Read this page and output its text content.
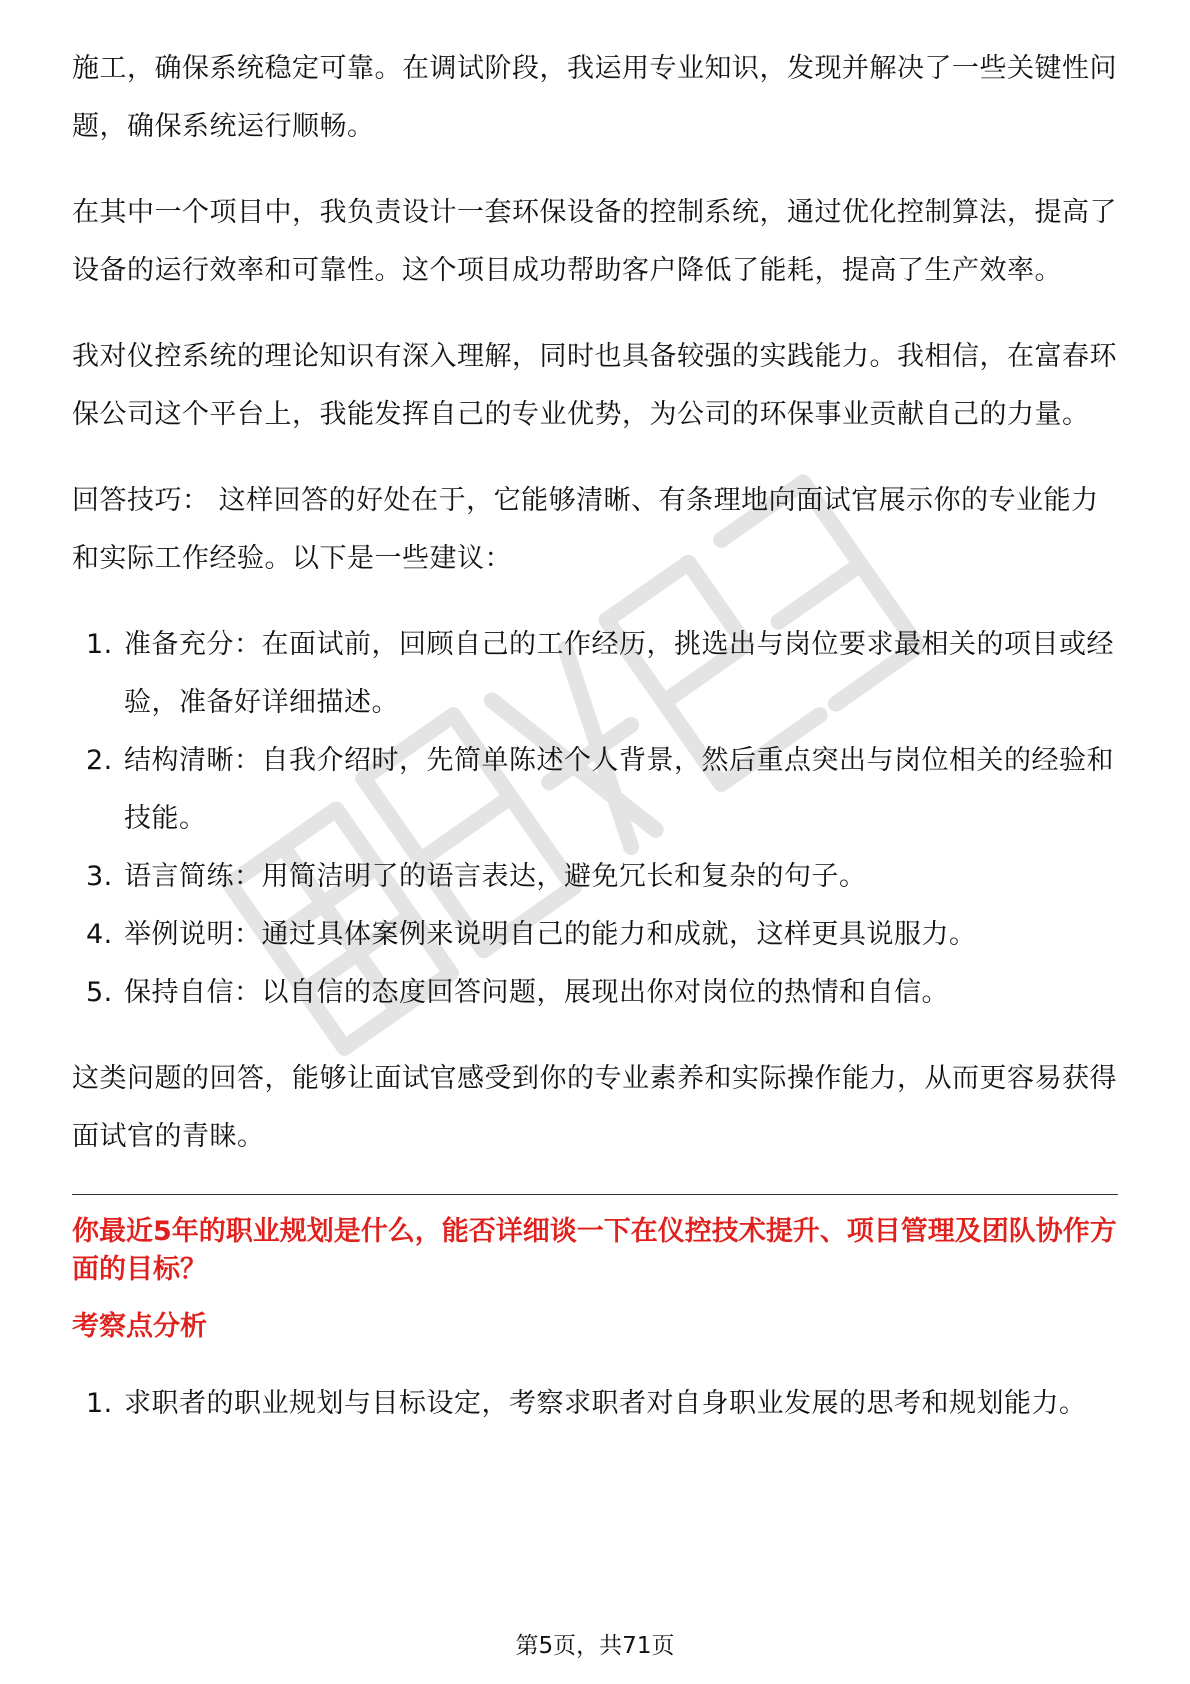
施工，确保系统稳定可靠。在调试阶段，我运用专业知识，发现并解决了一些关键性问题，确保系统运行顺畅。

在其中一个项目中，我负责设计一套环保设备的控制系统，通过优化控制算法，提高了设备的运行效率和可靠性。这个项目成功帮助客户降低了能耗，提高了生产效率。

我对仪控系统的理论知识有深入理解，同时也具备较强的实践能力。我相信，在富春环保公司这个平台上，我能发挥自己的专业优势，为公司的环保事业贡献自己的力量。

回答技巧： 这样回答的好处在于，它能够清晰、有条理地向面试官展示你的专业能力和实际工作经验。以下是一些建议：

1. 准备充分：在面试前，回顾自己的工作经历，挑选出与岗位要求最相关的项目或经验，准备好详细描述。
2. 结构清晰：自我介绍时，先简单陈述个人背景，然后重点突出与岗位相关的经验和技能。
3. 语言简练：用简洁明了的语言表达，避免冗长和复杂的句子。
4. 举例说明：通过具体案例来说明自己的能力和成就，这样更具说服力。
5. 保持自信：以自信的态度回答问题，展现出你对岗位的热情和自信。

这类问题的回答，能够让面试官感受到你的专业素养和实际操作能力，从而更容易获得面试官的青睐。

你最近5年的职业规划是什么，能否详细谈一下在仪控技术提升、项目管理及团队协作方面的目标？
考察点分析
1. 求职者的职业规划与目标设定，考察求职者对自身职业发展的思考和规划能力。
第5页，共71页
